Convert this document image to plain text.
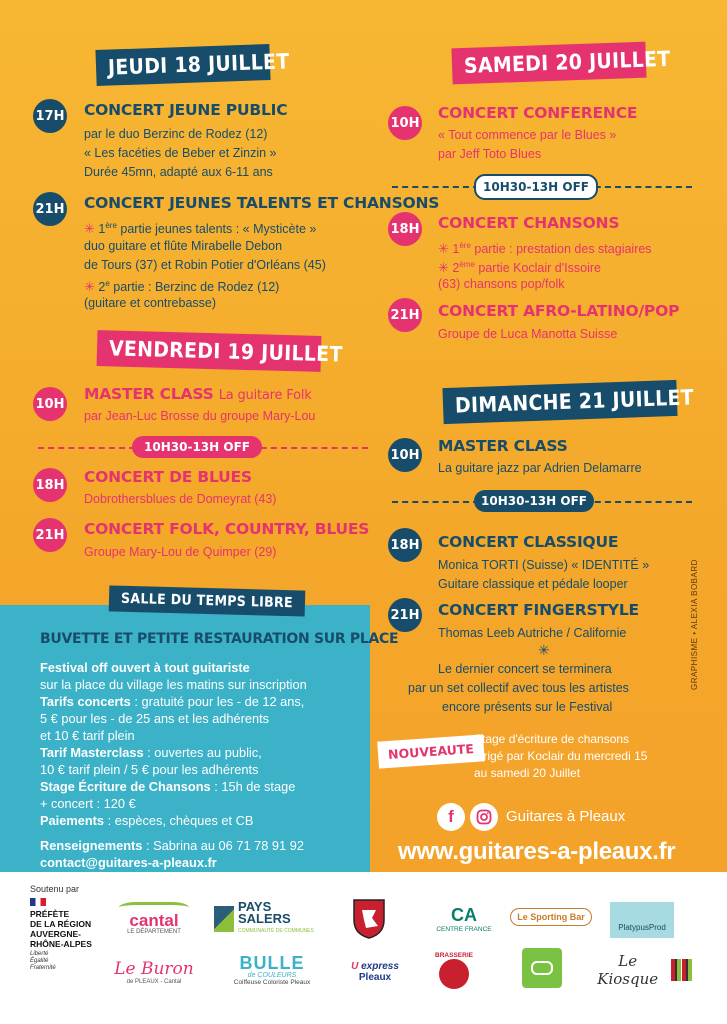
JEUDI 18 JUILLET
17H CONCERT JEUNE PUBLIC
par le duo Berzinc de Rodez (12)
« Les facéties de Beber et Zinzin »
Durée 45mn, adapté aux 6-11 ans
21H CONCERT JEUNES TALENTS ET CHANSONS
✳ 1ère partie jeunes talents : « Mysticète »
duo guitare et flûte Mirabelle Debon
de Tours (37) et Robin Potier d'Orléans (45)
✳ 2e partie : Berzinc de Rodez (12)
(guitare et contrebasse)
VENDREDI 19 JUILLET
10H
MASTER CLASS La guitare Folk
par Jean-Luc Brosse du groupe Mary-Lou
10H30-13H OFF
18H CONCERT DE BLUES
Dobrothersblues de Domeyrat (43)
21H CONCERT FOLK, COUNTRY, BLUES
Groupe Mary-Lou de Quimper (29)
SAMEDI 20 JUILLET
10H
CONCERT CONFERENCE
« Tout commence par le Blues »
par Jeff Toto Blues
10H30-13H OFF
18H CONCERT CHANSONS
✳ 1ère partie : prestation des stagiaires
✳ 2ème partie Koclair d'Issoire
(63) chansons pop/folk
21H CONCERT AFRO-LATINO/POP
Groupe de Luca Manotta Suisse
DIMANCHE 21 JUILLET
10H MASTER CLASS
La guitare jazz par Adrien Delamarre
10H30-13H OFF
18H CONCERT CLASSIQUE
Monica TORTI (Suisse) « IDENTITÉ »
Guitare classique et pédale looper
21H CONCERT FINGERSTYLE
Thomas Leeb Autriche / Californie
✳
Le dernier concert se terminera
par un set collectif avec tous les artistes
encore présents sur le Festival
GRAPHISME • ALEXIA BOBARD
NOUVEAUTE
Stage d'écriture de chansons
dirigé par Koclair du mercredi 15
au samedi 20 Juillet
f	Guitares à Pleaux
www.guitares-a-pleaux.fr
SALLE DU TEMPS LIBRE
BUVETTE ET PETITE RESTAURATION SUR PLACE
Festival off ouvert à tout guitariste
sur la place du village les matins sur inscription
Tarifs concerts : gratuité pour les - de 12 ans,
5 € pour les - de 25 ans et les adhérents
et 10 € tarif plein
Tarif Masterclass : ouvertes au public,
10 € tarif plein / 5 € pour les adhérents
Stage Écriture de Chansons : 15h de stage
+ concert : 120 €
Paiements : espèces, chèques et CB
Renseignements : Sabrina au 06 71 78 91 92
contact@guitares-a-pleaux.fr
Soutenu par
PRÉFÈTE
DE LA RÉGION
AUVERGNE-
RHÔNE-ALPES
Liberté
Égalité
Fraternité
cantal
LE DÉPARTEMENT
PAYS
SALERS
COMMUNAUTÉ DE COMMUNES
CA
CENTRE FRANCE
Le Sporting Bar
PlatypusProd
Le Buron
de PLEAUX - Cantal
BULLE
de COULEURS
Coiffeuse Coloriste Pleaux
U express
Pleaux
BRASSERIE	Le Kiosque
